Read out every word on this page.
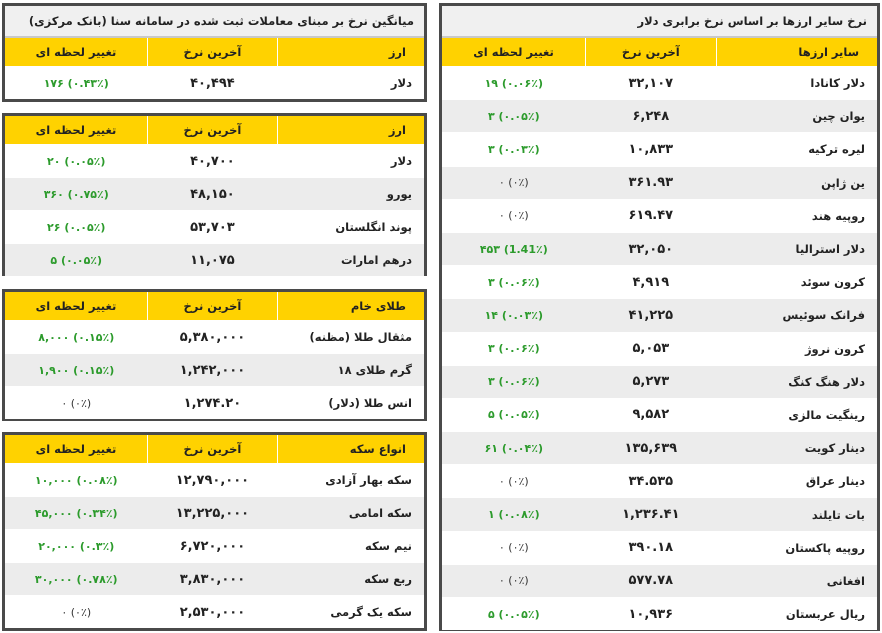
میانگین نرخ بر مبنای معاملات ثبت شده در سامانه سنا (بانک مرکزی)
ارز	آخرین نرخ	تغییر لحظه ای
دلار	۴۰,۴۹۴	(۰.۴۳٪) ۱۷۶
ارز	آخرین نرخ	تغییر لحظه ای
دلار	۴۰,۷۰۰	(۰.۰۵٪) ۲۰
یورو	۴۸,۱۵۰	(۰.۷۵٪) ۳۶۰
پوند انگلستان	۵۳,۷۰۳	(۰.۰۵٪) ۲۶
درهم امارات	۱۱,۰۷۵	(۰.۰۵٪) ۵
طلای خام	آخرین نرخ	تغییر لحظه ای
مثقال طلا (مظنه)	۵,۳۸۰,۰۰۰	(۰.۱۵٪) ۸,۰۰۰
گرم طلای ۱۸	۱,۲۴۲,۰۰۰	(۰.۱۵٪) ۱,۹۰۰
انس طلا (دلار)	۱,۲۷۴.۲۰	(۰٪) ۰
انواع سکه	آخرین نرخ	تغییر لحظه ای
سکه بهار آزادی	۱۲,۷۹۰,۰۰۰	(۰.۰۸٪) ۱۰,۰۰۰
سکه امامی	۱۳,۲۲۵,۰۰۰	(۰.۳۴٪) ۴۵,۰۰۰
نیم سکه	۶,۷۲۰,۰۰۰	(۰.۳٪) ۲۰,۰۰۰
ربع سکه	۳,۸۳۰,۰۰۰	(۰.۷۸٪) ۳۰,۰۰۰
سکه یک گرمی	۲,۵۳۰,۰۰۰	(۰٪) ۰
نرخ سایر ارزها بر اساس نرخ برابری دلار
سایر ارزها	آخرین نرخ	تغییر لحظه ای
دلار کانادا	۳۲,۱۰۷	(۰.۰۶٪) ۱۹
یوان چین	۶,۲۴۸	(۰.۰۵٪) ۳
لیره ترکیه	۱۰,۸۳۳	(۰.۰۳٪) ۳
ین ژاپن	۳۶۱.۹۳	(۰٪) ۰
روپیه هند	۶۱۹.۴۷	(۰٪) ۰
دلار استرالیا	۳۲,۰۵۰	(1.41٪) ۴۵۳
کرون سوئد	۴,۹۱۹	(۰.۰۶٪) ۳
فرانک سوئیس	۴۱,۲۲۵	(۰.۰۳٪) ۱۴
کرون نروژ	۵,۰۵۳	(۰.۰۶٪) ۳
دلار هنگ کنگ	۵,۲۷۳	(۰.۰۶٪) ۳
رینگیت مالزی	۹,۵۸۲	(۰.۰۵٪) ۵
دینار کویت	۱۳۵,۶۳۹	(۰.۰۴٪) ۶۱
دینار عراق	۳۴.۵۳۵	(۰٪) ۰
بات تایلند	۱,۲۳۶.۴۱	(۰.۰۸٪) ۱
روپیه پاکستان	۳۹۰.۱۸	(۰٪) ۰
افغانی	۵۷۷.۷۸	(۰٪) ۰
ریال عربستان	۱۰,۹۳۶	(۰.۰۵٪) ۵
